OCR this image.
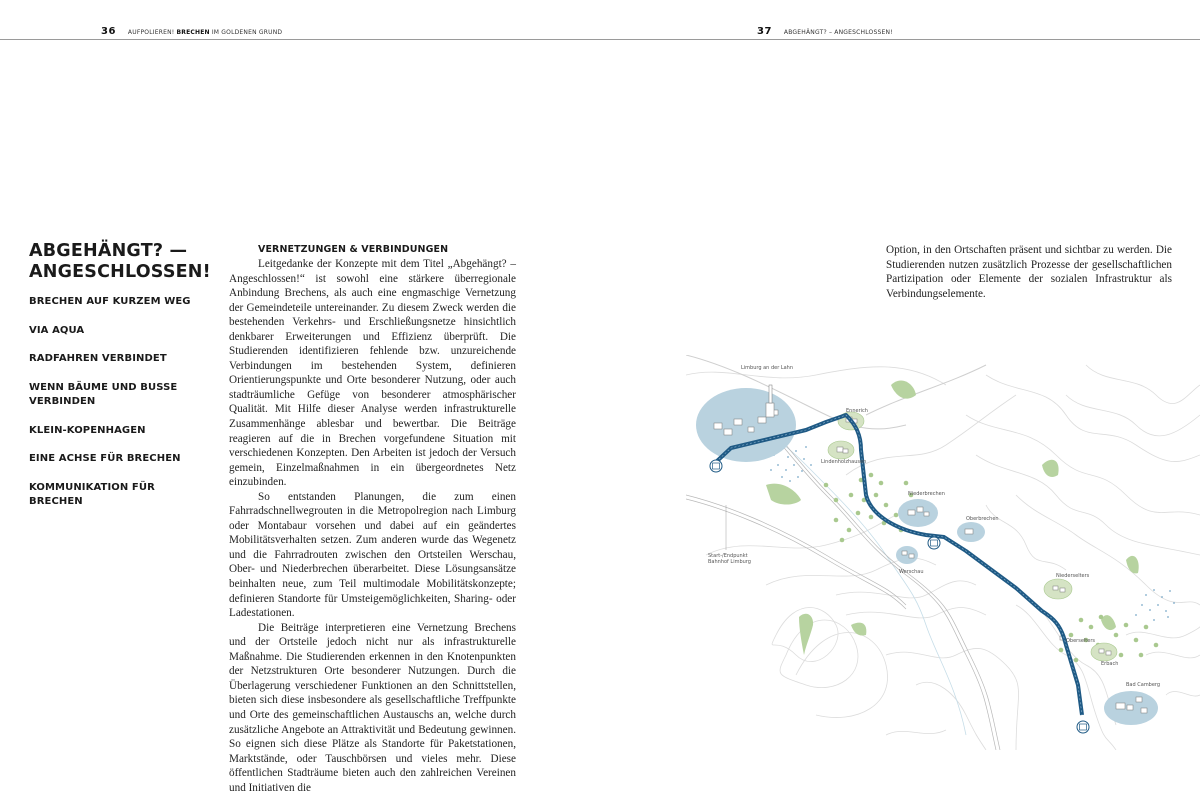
36 AUFPOLIEREN! BRECHEN IM GOLDENEN GRUND
ABGEHÄNGT? — ANGESCHLOSSEN!
BRECHEN AUF KURZEM WEG
VIA AQUA
RADFAHREN VERBINDET
WENN BÄUME UND BUSSE VERBINDEN
KLEIN-KOPENHAGEN
EINE ACHSE FÜR BRECHEN
KOMMUNIKATION FÜR BRECHEN
VERNETZUNGEN & VERBINDUNGEN

Leitgedanke der Konzepte mit dem Titel „Abgehängt? – Angeschlossen!“ ist sowohl eine stärkere überregionale Anbindung Brechens, als auch eine engmaschige Vernetzung der Gemeindeteile untereinander. Zu diesem Zweck werden die bestehenden Verkehrs- und Erschließungsnetze hinsichtlich denkbarer Erweiterungen und Effizienz überprüft. Die Studierenden identifizieren fehlende bzw. unzureichende Verbindungen im bestehenden System, definieren Orientierungspunkte und Orte besonderer Nutzung, oder auch stadträumliche Gefüge von besonderer atmosphärischer Qualität. Mit Hilfe dieser Analyse werden infrastrukturelle Zusammenhänge ablesbar und bewertbar. Die Beiträge reagieren auf die in Brechen vorgefundene Situation mit verschiedenen Konzepten. Den Arbeiten ist jedoch der Versuch gemein, Einzelmaßnahmen in ein übergeordnetes Netz einzubinden.

So entstanden Planungen, die zum einen Fahrradschnellwegrouten in die Metropolregion nach Limburg oder Montabaur vorsehen und dabei auf ein geändertes Mobilitätsverhalten setzen. Zum anderen wurde das Wegenetz und die Fahrradrouten zwischen den Ortsteilen Werschau, Ober- und Niederbrechen überarbeitet. Diese Lösungsansätze beinhalten neue, zum Teil multimodale Mobilitätskonzepte; definieren Standorte für Umsteigemöglichkeiten, Sharing- oder Ladestationen.

Die Beiträge interpretieren eine Vernetzung Brechens und der Ortsteile jedoch nicht nur als infrastrukturelle Maßnahme. Die Studierenden erkennen in den Knotenpunkten der Netzstrukturen Orte besonderer Nutzungen. Durch die Überlagerung verschiedener Funktionen an den Schnittstellen, bieten sich diese insbesondere als gesellschaftliche Treffpunkte und Orte des gemeinschaftlichen Austauschs an, welche durch zusätzliche Angebote an Attraktivität und Bedeutung gewinnen. So eignen sich diese Plätze als Standorte für Paketstationen, Marktstände, oder Tauschbörsen und vieles mehr. Diese öffentlichen Stadträume bieten auch den zahlreichen Vereinen und Initiativen die

37 ABGEHÄNGT? – ANGESCHLOSSEN!

Option, in den Ortschaften präsent und sichtbar zu werden. Die Studierenden nutzen zusätzlich Prozesse der gesellschaftlichen Partizipation oder Elemente der sozialen Infrastruktur als Verbindungselemente.

Limburg an der Lahn
Start-/Endpunkt
Bahnhof Limburg
Ennerich
Lindenholzhausen
Niederbrechen
Oberbrechen
Werschau
Niederselters
Oberselters
Erbach
Bad Camberg
